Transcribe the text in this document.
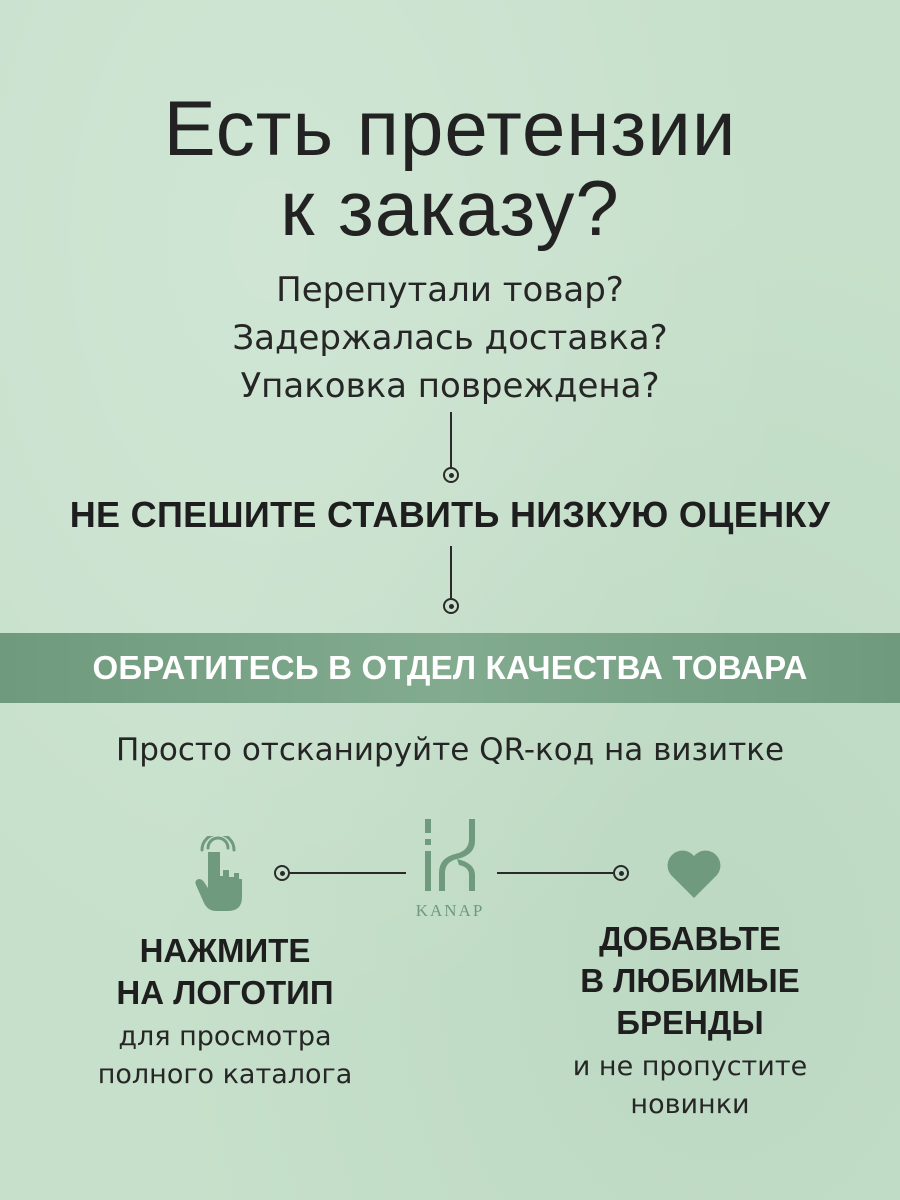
Есть претензии
к заказу?
Перепутали товар?
Задержалась доставка?
Упаковка повреждена?
НЕ СПЕШИТЕ СТАВИТЬ НИЗКУЮ ОЦЕНКУ
ОБРАТИТЕСЬ В ОТДЕЛ КАЧЕСТВА ТОВАРА
Просто отсканируйте QR-код на визитке
KANAP
НАЖМИТЕ
НА ЛОГОТИП
для просмотра
полного каталога
ДОБАВЬТЕ
В ЛЮБИМЫЕ
БРЕНДЫ
и не пропустите
новинки
